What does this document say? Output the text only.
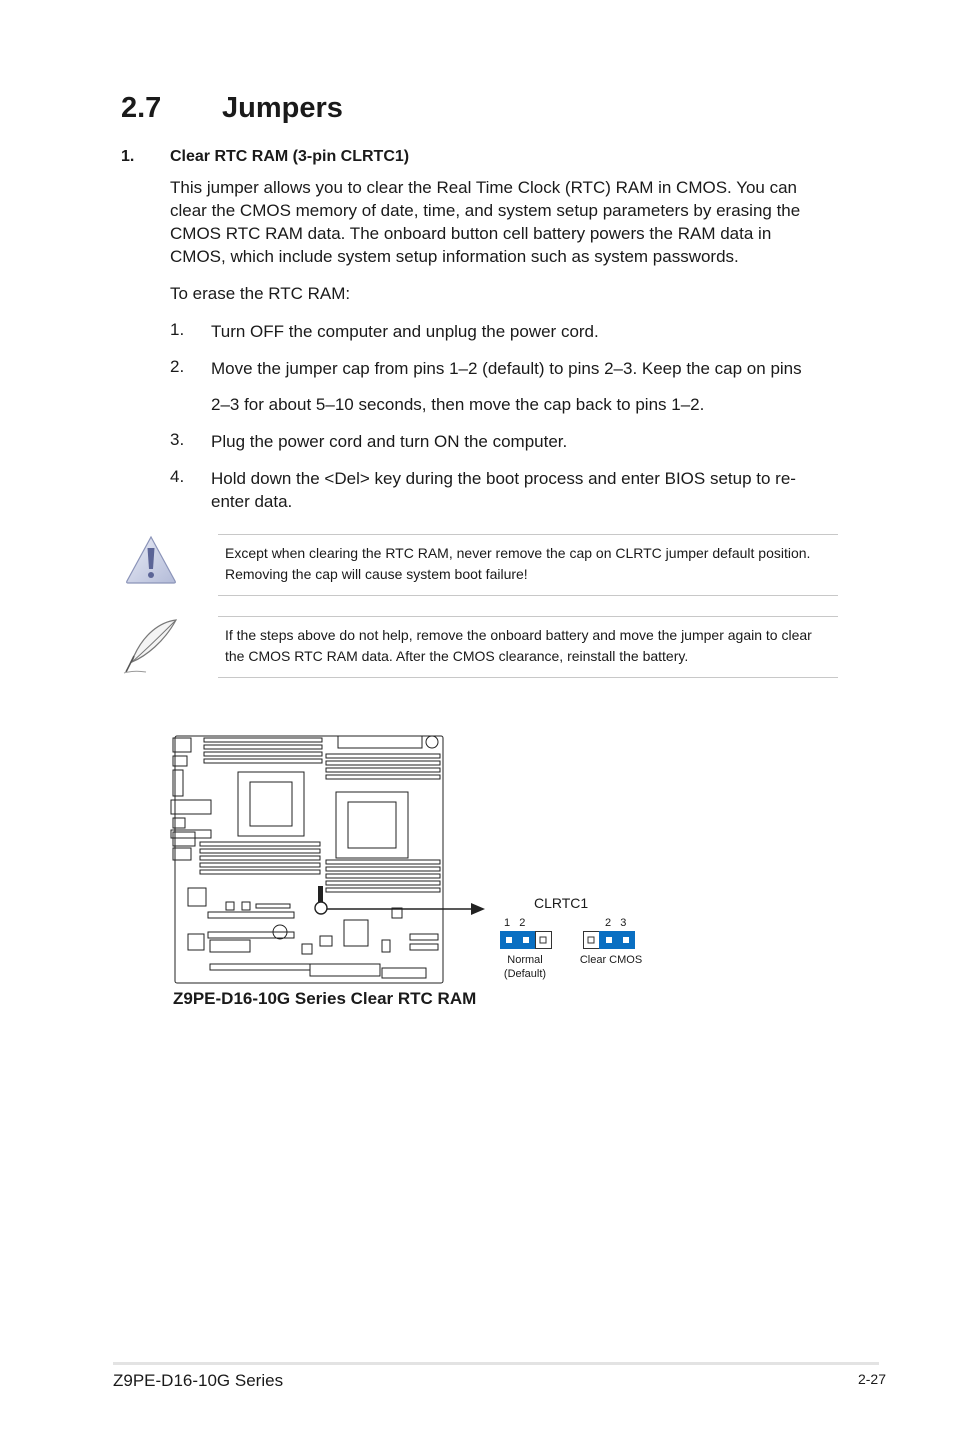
2.7 Jumpers
1. Clear RTC RAM (3-pin CLRTC1)
This jumper allows you to clear the Real Time Clock (RTC) RAM in CMOS. You can clear the CMOS memory of date, time, and system setup parameters by erasing the CMOS RTC RAM data. The onboard button cell battery powers the RAM data in CMOS, which include system setup information such as system passwords.
To erase the RTC RAM:
1. Turn OFF the computer and unplug the power cord.
2. Move the jumper cap from pins 1–2 (default) to pins 2–3. Keep the cap on pins
2–3 for about 5–10 seconds, then move the cap back to pins 1–2.
3. Plug the power cord and turn ON the computer.
4. Hold down the <Del> key during the boot process and enter BIOS setup to re-enter data.
Except when clearing the RTC RAM, never remove the cap on CLRTC jumper default position. Removing the cap will cause system boot failure!
If the steps above do not help, remove the onboard battery and move the jumper again to clear the CMOS RTC RAM data. After the CMOS clearance, reinstall the battery.
CLRTC1
1   2
Normal
(Default)
2   3
Clear CMOS
Z9PE-D16-10G Series Clear RTC RAM
Z9PE-D16-10G Series	2-27
